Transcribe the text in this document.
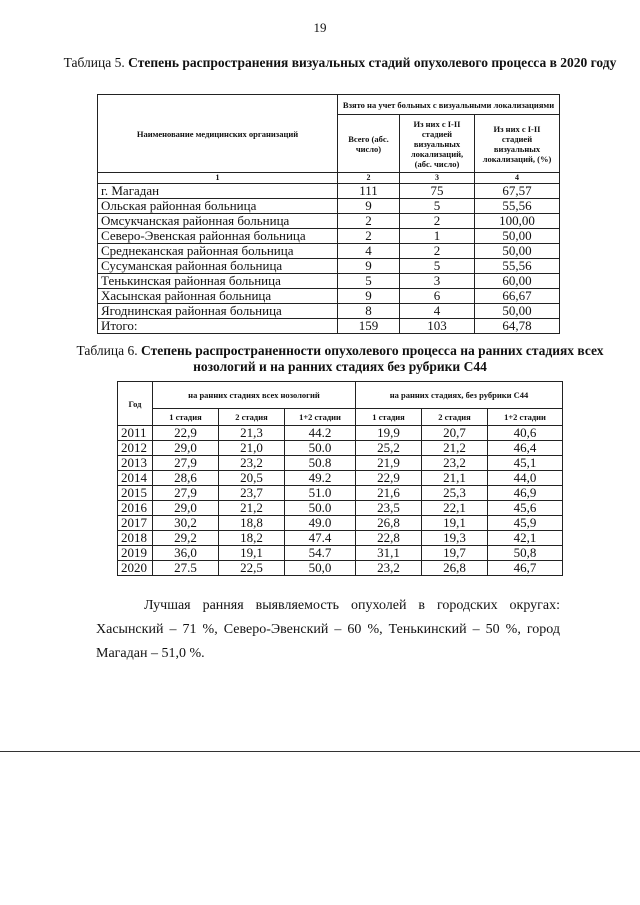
19
Таблица 5. Степень распространения визуальных стадий опухолевого процесса в 2020 году
Наименование медицинских организаций	Взято на учет больных с визуальными локализациями		
	Всего (абс. число)	Из них с I-II стадией визуальных локализаций, (абс. число)	Из них с I-II стадией визуальных локализаций, (%)
1	2	3	4
г. Магадан	111	75	67,57
Ольская районная больница	9	5	55,56
Омсукчанская районная больница	2	2	100,00
Северо-Эвенская районная больница	2	1	50,00
Среднеканская районная больница	4	2	50,00
Сусуманская районная больница	9	5	55,56
Тенькинская районная больница	5	3	60,00
Хасынская районная больница	9	6	66,67
Ягоднинская районная больница	8	4	50,00
Итого:	159	103	64,78
Таблица 6. Степень распространенности опухолевого процесса на ранних стадиях всех нозологий и на ранних стадиях без рубрики С44
Год	на ранних стадиях всех нозологий			на ранних стадиях, без рубрики С44		
	1 стадия	2 стадия	1+2 стадии	1 стадия	2 стадия	1+2 стадии
2011	22,9	21,3	44.2	19,9	20,7	40,6
2012	29,0	21,0	50.0	25,2	21,2	46,4
2013	27,9	23,2	50.8	21,9	23,2	45,1
2014	28,6	20,5	49.2	22,9	21,1	44,0
2015	27,9	23,7	51.0	21,6	25,3	46,9
2016	29,0	21,2	50.0	23,5	22,1	45,6
2017	30,2	18,8	49.0	26,8	19,1	45,9
2018	29,2	18,2	47.4	22,8	19,3	42,1
2019	36,0	19,1	54.7	31,1	19,7	50,8
2020	27.5	22,5	50,0	23,2	26,8	46,7
Лучшая ранняя выявляемость опухолей в городских округах: Хасынский – 71 %, Северо-Эвенский – 60 %, Тенькинский – 50 %, город Магадан – 51,0 %.
